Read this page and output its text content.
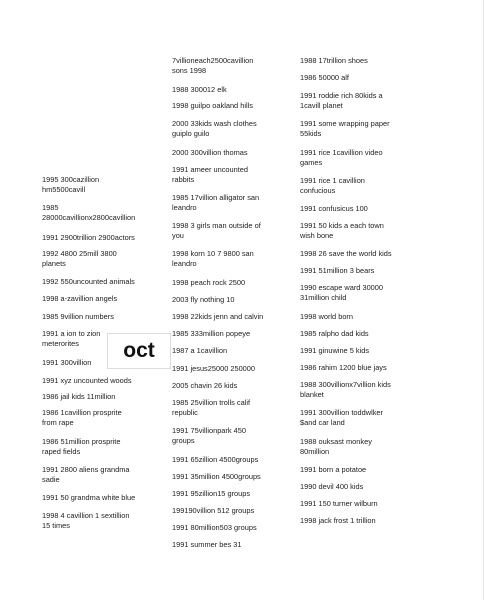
1995 300cazillion
hm5500cavill

1985
28000cavillionx2800cavillion

1991 2900trillion 2900actors

1992 4800 25mill 3800
planets

1992 550uncounted animals

1998 a-zavillion angels

1985 9villion numbers

1991 a ion to zion
meterorites

1991 300villion

1991 xyz uncounted woods

1986 jail kids 11million

1986 1cavillion prosprite
from rape

1986 51million prosprite
raped fields

1991 2800 aliens grandma
sadie

1991 50 grandma white blue

1998 4 cavillion 1 sextillion
15 times

7villioneach2500cavillion
sons 1998

1988 300012 elk

1998 guilpo oakland hills

2000 33kids wash clothes
guiplo guilo

2000 300villion thomas

1991 ameer uncounted
rabbits

1985 17villion alligator san
leandro

1998 3 girls man outside of
you

1998 korn 10 7 9800 san
leandro

1998 peach rock 2500

2003 fly nothing 10

1998 22kids jenn and calvin

1985 333million popeye

1987 a 1cavillion

1991 jesus25000 250000

2005 chavin 26 kids

1985 25villion trolls calif
republic

1991 75villionpark 450
groups

1991 65zillion 4500groups

1991 35million 4500groups

1991 95zillion15 groups

199190villion 512 groups

1991 80million503 groups

1991 summer bes 31

1988 17trillion shoes

1986 50000 alf

1991 roddie rich 80kids a
1cavill planet

1991 some wrapping paper
55kids

1991 rice 1cavillion video
games

1991 rice 1 cavillion
confucious

1991 confusicus 100

1991 50 kids a each town
wish bone

1998 26 save the world kids

1991 51million 3 bears

1990 escape ward 30000
31million child

1998 world born

1985 ralpho dad kids

1991 ginuwine 5 kids

1986 rahim 1200 blue jays

1988 300villionx7villion kids
blanket

1991 300villion toddwlker
$and car land

1988 ouksast monkey
80million

1991 born a potatoe

1990 devil 400 kids

1991 150 turner wilburn

1998 jack frost 1 trillion

oct
